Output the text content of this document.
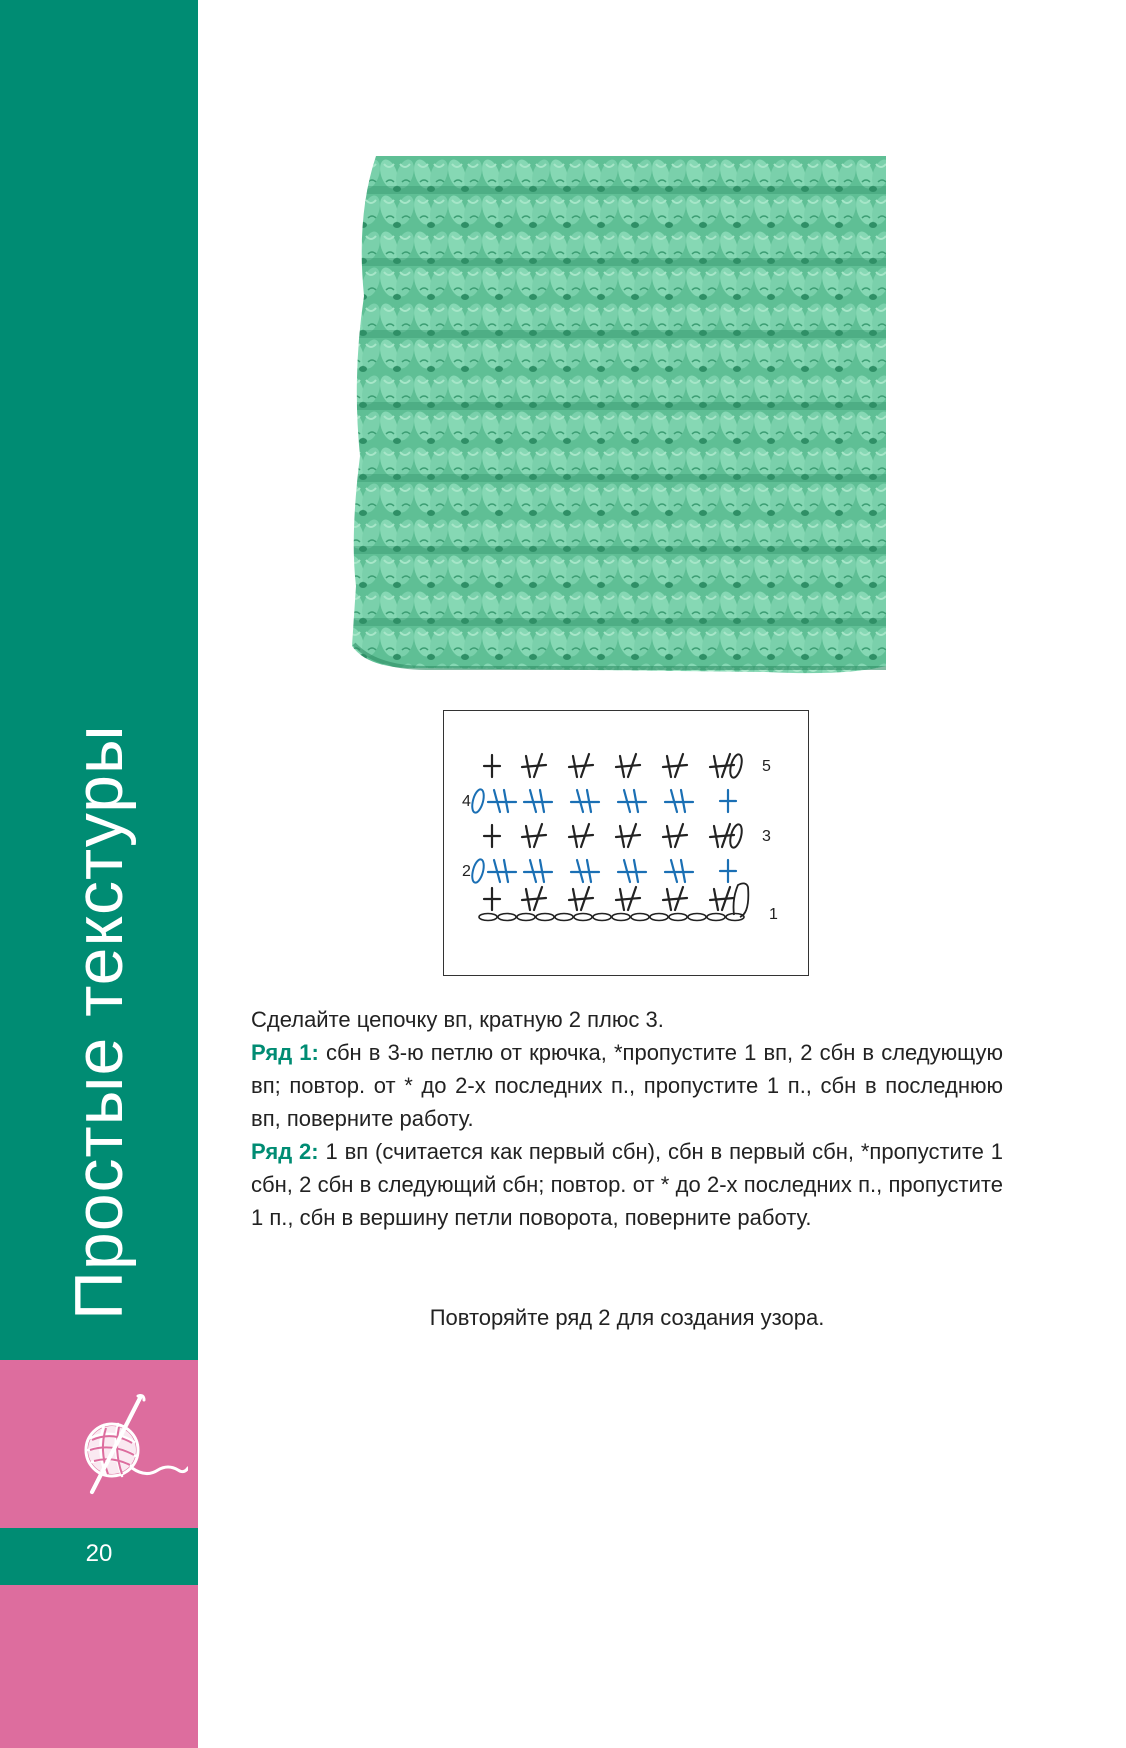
Простые текстуры
20
5
4
3
2
1

Сделайте цепочку вп, кратную 2 плюс 3.

Ряд 1: сбн в 3-ю петлю от крючка, *пропустите 1 вп, 2 сбн в следующую вп; повтор. от * до 2-х последних п., пропустите 1 п., сбн в последнюю вп, поверните работу.

Ряд 2: 1 вп (считается как первый сбн), сбн в первый сбн, *пропустите 1 сбн, 2 сбн в следующий сбн; повтор. от * до 2-х последних п., пропустите 1 п., сбн в вершину петли поворота, поверните работу.

Повторяйте ряд 2 для создания узора.
